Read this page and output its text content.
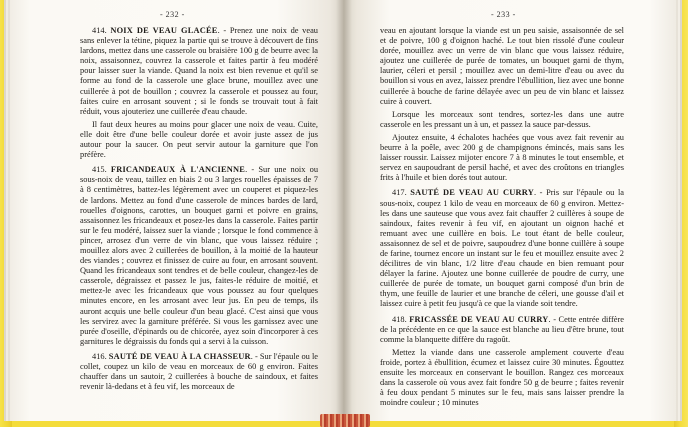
- 232 -

414. NOIX DE VEAU GLACÉE. - Prenez une noix de veau sans enlever la tétine, piquez la partie qui se trouve à découvert de fins lardons, mettez dans une casserole ou braisière 100 g de beurre avec la noix, assaisonnez, couvrez la casserole et faites partir à feu modéré pour laisser suer la viande. Quand la noix est bien revenue et qu'il se forme au fond de la casserole une glace brune, mouillez avec une cuillerée à pot de bouillon ; couvrez la casserole et poussez au four, faites cuire en arrosant souvent ; si le fonds se trouvait tout à fait réduit, vous ajouteriez une cuillerée d'eau chaude.

Il faut deux heures au moins pour glacer une noix de veau. Cuite, elle doit être d'une belle couleur dorée et avoir juste assez de jus autour pour la saucer. On peut servir autour la garniture que l'on préfère.

415. FRICANDEAUX À L'ANCIENNE. - Sur une noix ou sous-noix de veau, taillez en biais 2 ou 3 larges rouelles épaisses de 7 à 8 centimètres, battez-les légèrement avec un couperet et piquez-les de lardons. Mettez au fond d'une casserole de minces bardes de lard, rouelles d'oignons, carottes, un bouquet garni et poivre en grains, assaisonnez les fricandeaux et posez-les dans la casserole. Faites partir sur le feu modéré, laissez suer la viande ; lorsque le fond commence à pincer, arrosez d'un verre de vin blanc, que vous laissez réduire ; mouillez alors avec 2 cuillerées de bouillon, à la moitié de la hauteur des viandes ; couvrez et finissez de cuire au four, en arrosant souvent. Quand les fricandeaux sont tendres et de belle couleur, changez-les de casserole, dégraissez et passez le jus, faites-le réduire de moitié, et mettez-le avec les fricandeaux que vous poussez au four quelques minutes encore, en les arrosant avec leur jus. En peu de temps, ils auront acquis une belle couleur d'un beau glacé. C'est ainsi que vous les servirez avec la garniture préférée. Si vous les garnissez avec une purée d'oseille, d'épinards ou de chicorée, ayez soin d'incorporer à ces garnitures le dégraissis du fonds qui a servi à la cuisson.

416. SAUTÉ DE VEAU À LA CHASSEUR. - Sur l'épaule ou le collet, coupez un kilo de veau en morceaux de 60 g environ. Faites chauffer dans un sautoir, 2 cuillerées à bouche de saindoux, et faites revenir là-dedans et à feu vif, les morceaux de

- 233 -

veau en ajoutant lorsque la viande est un peu saisie, assaisonnée de sel et de poivre, 100 g d'oignon haché. Le tout bien rissolé d'une couleur dorée, mouillez avec un verre de vin blanc que vous laissez réduire, ajoutez une cuillerée de purée de tomates, un bouquet garni de thym, laurier, céleri et persil ; mouillez avec un demi-litre d'eau ou avec du bouillon si vous en avez, laissez prendre l'ébullition, liez avec une bonne cuillerée à bouche de farine délayée avec un peu de vin blanc et laissez cuire à couvert.

Lorsque les morceaux sont tendres, sortez-les dans une autre casserole en les pressant un à un, et passez la sauce par-dessus.

Ajoutez ensuite, 4 échalotes hachées que vous avez fait revenir au beurre à la poêle, avec 200 g de champignons émincés, mais sans les laisser roussir. Laissez mijoter encore 7 à 8 minutes le tout ensemble, et servez en saupoudrant de persil haché, et avec des croûtons en triangles frits à l'huile et bien dorés tout autour.

417. SAUTÉ DE VEAU AU CURRY. - Pris sur l'épaule ou la sous-noix, coupez 1 kilo de veau en morceaux de 60 g environ. Mettez-les dans une sauteuse que vous avez fait chauffer 2 cuillères à soupe de saindoux, faites revenir à feu vif, en ajoutant un oignon haché et remuant avec une cuillère en bois. Le tout étant de belle couleur, assaisonnez de sel et de poivre, saupoudrez d'une bonne cuillère à soupe de farine, tournez encore un instant sur le feu et mouillez ensuite avec 2 décilitres de vin blanc, 1/2 litre d'eau chaude en bien remuant pour délayer la farine. Ajoutez une bonne cuillerée de poudre de curry, une cuillerée de purée de tomate, un bouquet garni composé d'un brin de thym, une feuille de laurier et une branche de céleri, une gousse d'ail et laissez cuire à petit feu jusqu'à ce que la viande soit tendre.

418. FRICASSÉE DE VEAU AU CURRY. - Cette entrée diffère de la précédente en ce que la sauce est blanche au lieu d'être brune, tout comme la blanquette diffère du ragoût.

Mettez la viande dans une casserole amplement couverte d'eau froide, portez à ébullition, écumez et laissez cuire 30 minutes. Égouttez ensuite les morceaux en conservant le bouillon. Rangez ces morceaux dans la casserole où vous avez fait fondre 50 g de beurre ; faites revenir à feu doux pendant 5 minutes sur le feu, mais sans laisser prendre la moindre couleur ; 10 minutes
